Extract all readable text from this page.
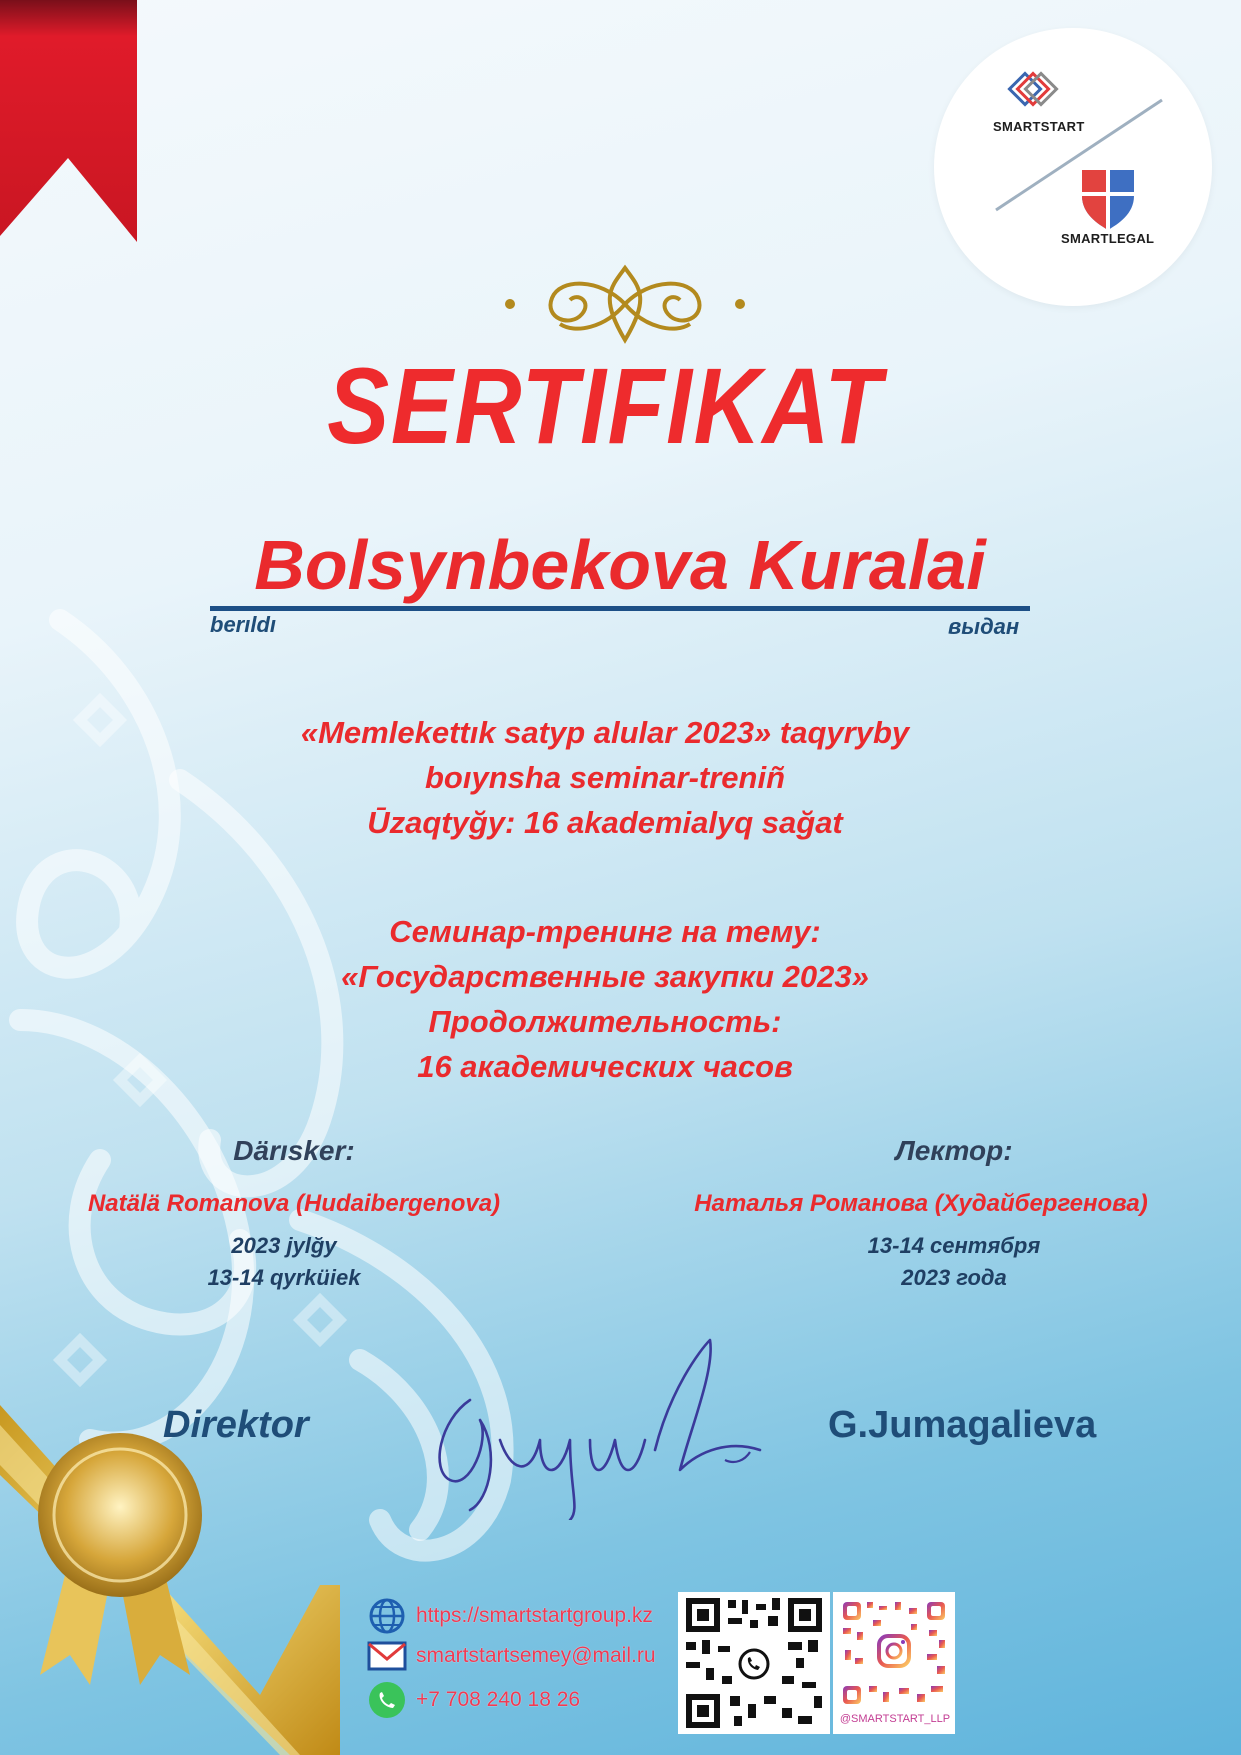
SMARTSTART
SMARTLEGAL
SERTIFIKAT
Bolsynbekova Kuralai
berıldı	выдан
«Memlekettık satyp alular 2023» taqyryby
boıynsha seminar-treniñ
Ūzaqtyğy: 16 akademialyq sağat
Семинар-тренинг на тему:
«Государственные закупки 2023»
Продолжительность:
16 академических часов
Därısker:
Natälä Romanova (Hudaibergenova)
2023 jylğy
13-14 qyrküiek
Лектор:
Наталья Романова (Худайбергенова)
13-14 сентября
2023 года
Direktor	G.Jumagalieva
https://smartstartgroup.kz
smartstartsemey@mail.ru
+7 708 240 18 26
@SMARTSTART_LLP
